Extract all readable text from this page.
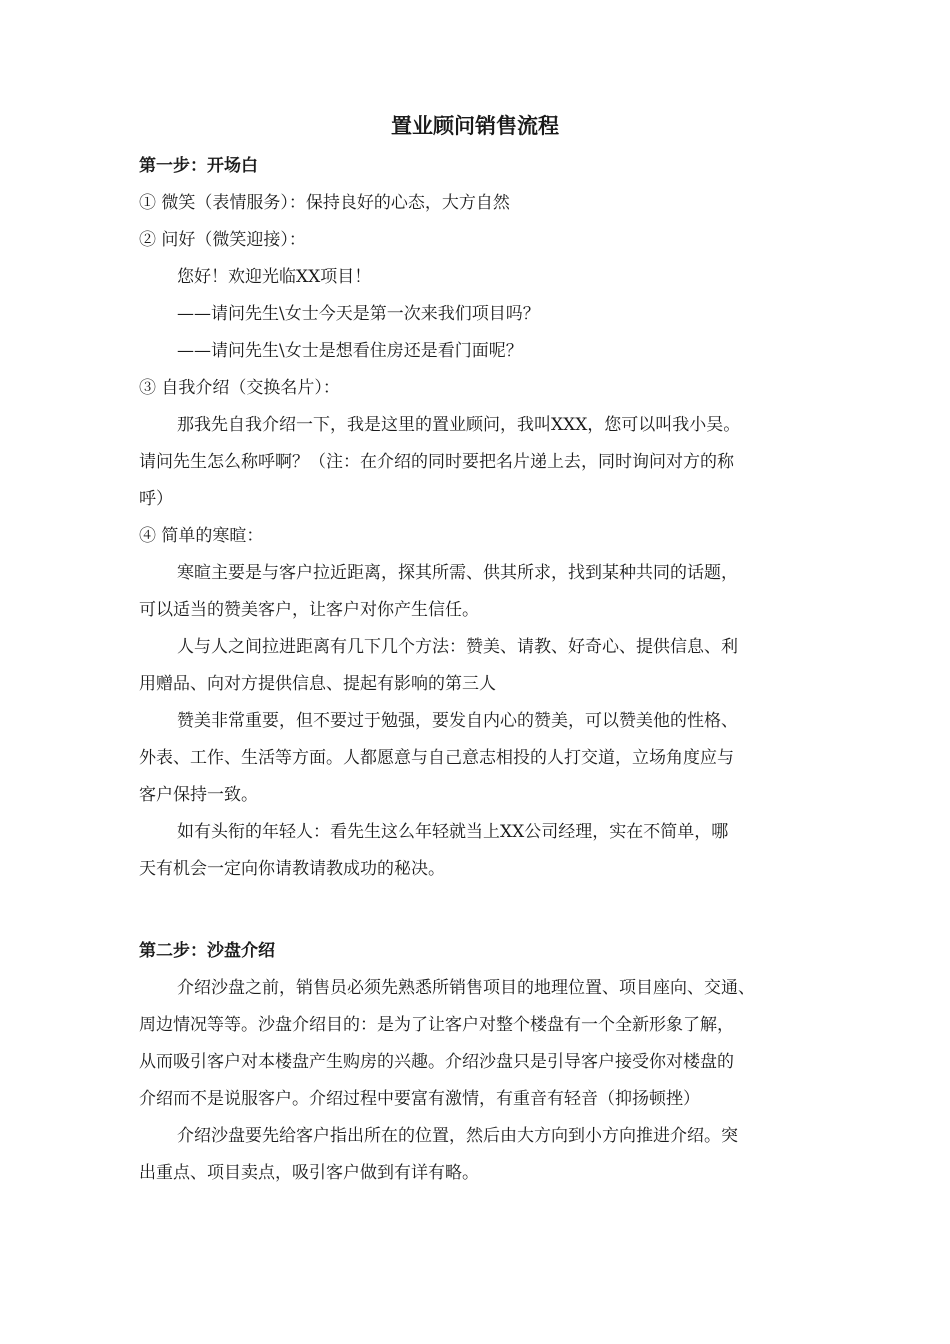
置业顾问销售流程
第一步：开场白
① 微笑（表情服务）：保持良好的心态，大方自然
② 问好（微笑迎接）：
您好！欢迎光临XX项目！
——请问先生\女士今天是第一次来我们项目吗？
——请问先生\女士是想看住房还是看门面呢？
③ 自我介绍（交换名片）：
那我先自我介绍一下，我是这里的置业顾问，我叫XXX，您可以叫我小吴。
请问先生怎么称呼啊？（注：在介绍的同时要把名片递上去，同时询问对方的称
呼）
④ 简单的寒暄：
寒暄主要是与客户拉近距离，探其所需、供其所求，找到某种共同的话题，
可以适当的赞美客户，让客户对你产生信任。
人与人之间拉进距离有几下几个方法：赞美、请教、好奇心、提供信息、利
用赠品、向对方提供信息、提起有影响的第三人
赞美非常重要，但不要过于勉强，要发自内心的赞美，可以赞美他的性格、
外表、工作、生活等方面。人都愿意与自己意志相投的人打交道，立场角度应与
客户保持一致。
如有头衔的年轻人：看先生这么年轻就当上XX公司经理，实在不简单，哪
天有机会一定向你请教请教成功的秘决。
第二步：沙盘介绍
介绍沙盘之前，销售员必须先熟悉所销售项目的地理位置、项目座向、交通、
周边情况等等。沙盘介绍目的：是为了让客户对整个楼盘有一个全新形象了解，
从而吸引客户对本楼盘产生购房的兴趣。介绍沙盘只是引导客户接受你对楼盘的
介绍而不是说服客户。介绍过程中要富有激情，有重音有轻音（抑扬顿挫）
介绍沙盘要先给客户指出所在的位置，然后由大方向到小方向推进介绍。突
出重点、项目卖点，吸引客户做到有详有略。
